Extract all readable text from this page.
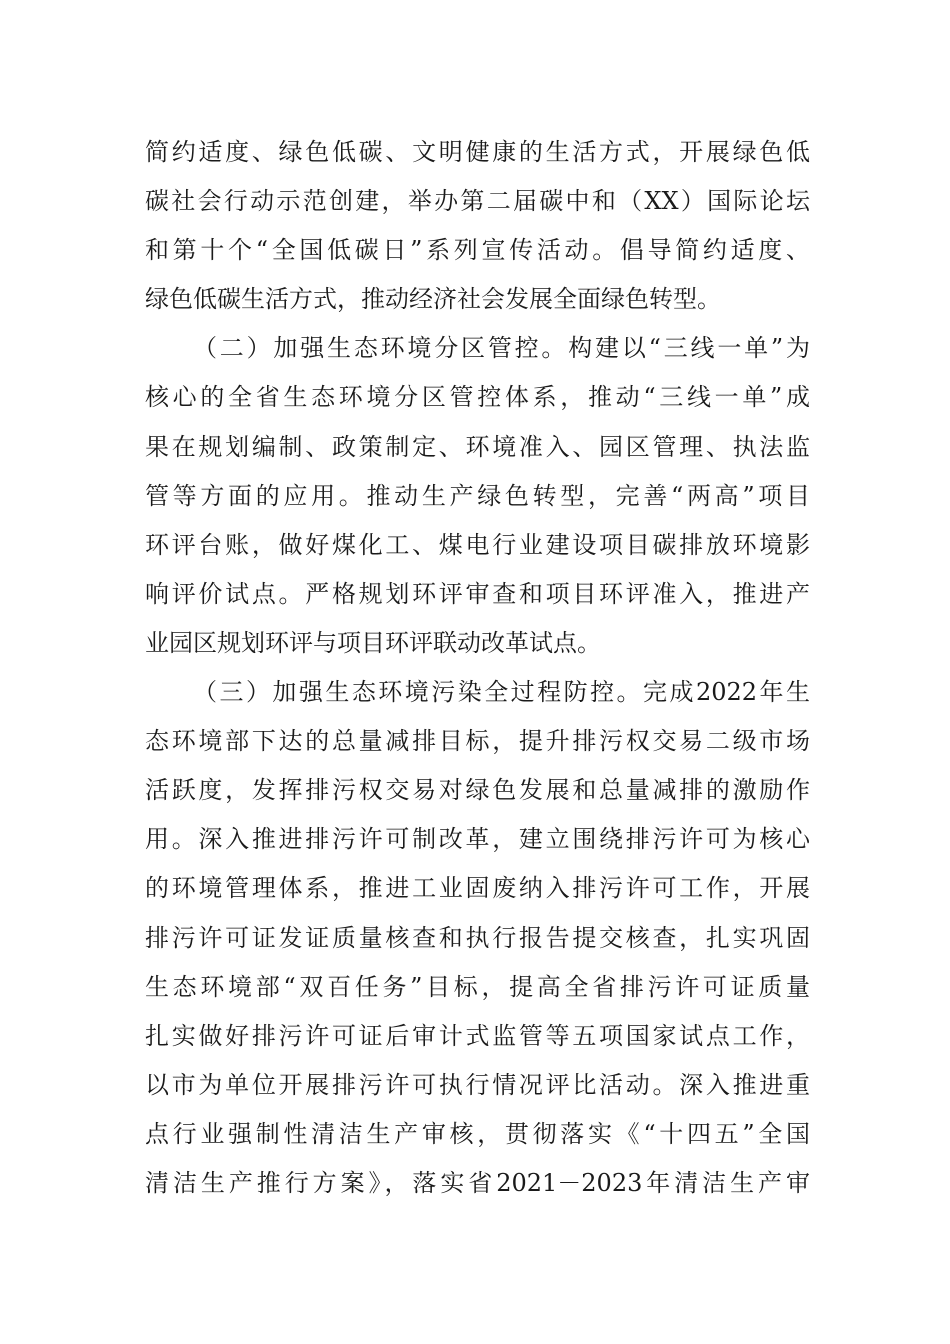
简约适度、绿色低碳、文明健康的生活方式，开展绿色低
碳社会行动示范创建，举办第二届碳中和（XX）国际论坛
和第十个“全国低碳日”系列宣传活动。倡导简约适度、
绿色低碳生活方式，推动经济社会发展全面绿色转型。
（二）加强生态环境分区管控。构建以“三线一单”为
核心的全省生态环境分区管控体系，推动“三线一单”成
果在规划编制、政策制定、环境准入、园区管理、执法监
管等方面的应用。推动生产绿色转型，完善“两高”项目
环评台账，做好煤化工、煤电行业建设项目碳排放环境影
响评价试点。严格规划环评审查和项目环评准入，推进产
业园区规划环评与项目环评联动改革试点。
（三）加强生态环境污染全过程防控。完成2022年生
态环境部下达的总量减排目标，提升排污权交易二级市场
活跃度，发挥排污权交易对绿色发展和总量减排的激励作
用。深入推进排污许可制改革，建立围绕排污许可为核心
的环境管理体系，推进工业固废纳入排污许可工作，开展
排污许可证发证质量核查和执行报告提交核查，扎实巩固
生态环境部“双百任务”目标，提高全省排污许可证质量
扎实做好排污许可证后审计式监管等五项国家试点工作，
以市为单位开展排污许可执行情况评比活动。深入推进重
点行业强制性清洁生产审核，贯彻落实《“十四五”全国
清洁生产推行方案》，落实省2021－2023年清洁生产审
